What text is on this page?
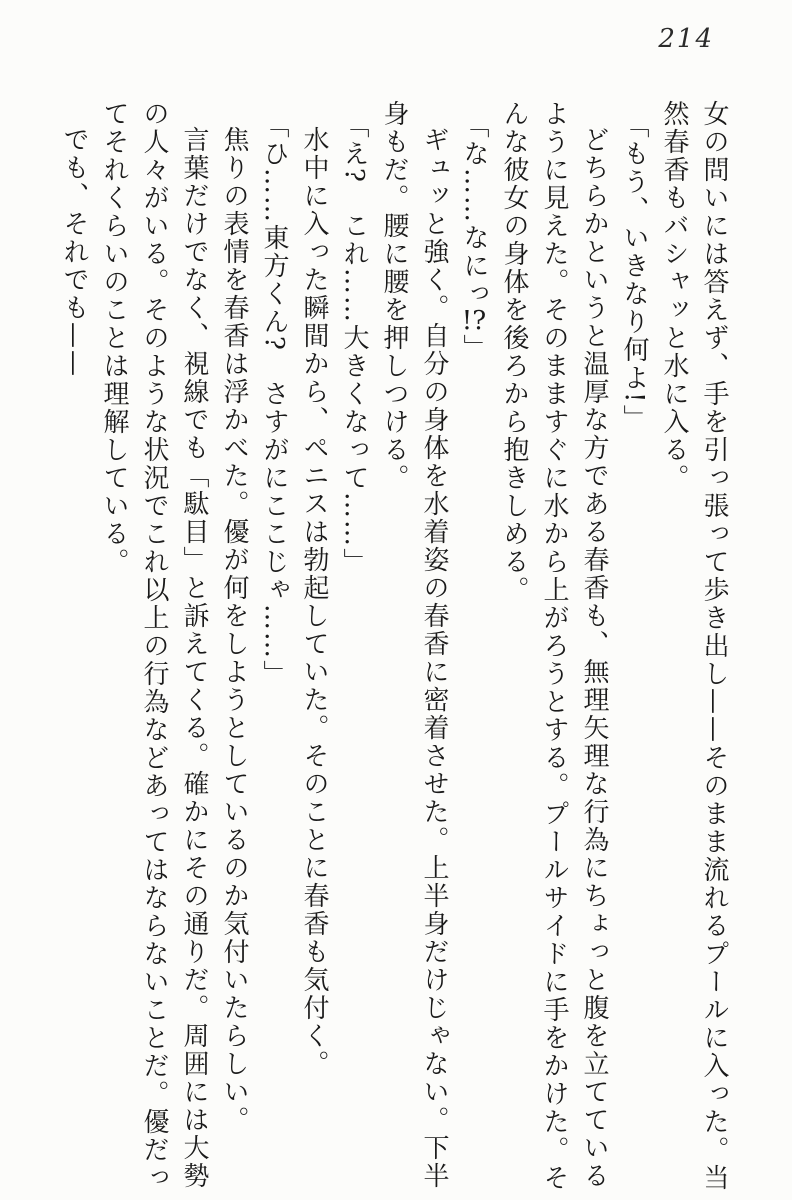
214

女の問いには答えず、手を引っ張って歩き出し——そのまま流れるプールに入った。当然春香もバシャッと水に入る。

「もう、いきなり何よ!」

どちらかというと温厚な方である春香も、無理矢理な行為にちょっと腹を立てているように見えた。そのまますぐに水から上がろうとする。プールサイドに手をかけた。そんな彼女の身体を後ろから抱きしめる。

「な……なにっ!?」

ギュッと強く。自分の身体を水着姿の春香に密着させた。上半身だけじゃない。下半身もだ。腰に腰を押しつける。

「え?　これ……大きくなって……」

水中に入った瞬間から、ペニスは勃起していた。そのことに春香も気付く。

「ひ……東方くん?　さすがにここじゃ……」

焦りの表情を春香は浮かべた。優が何をしようとしているのか気付いたらしい。

言葉だけでなく、視線でも「駄目」と訴えてくる。確かにその通りだ。周囲には大勢の人々がいる。そのような状況でこれ以上の行為などあってはならないことだ。優だってそれくらいのことは理解している。

でも、それでも——
